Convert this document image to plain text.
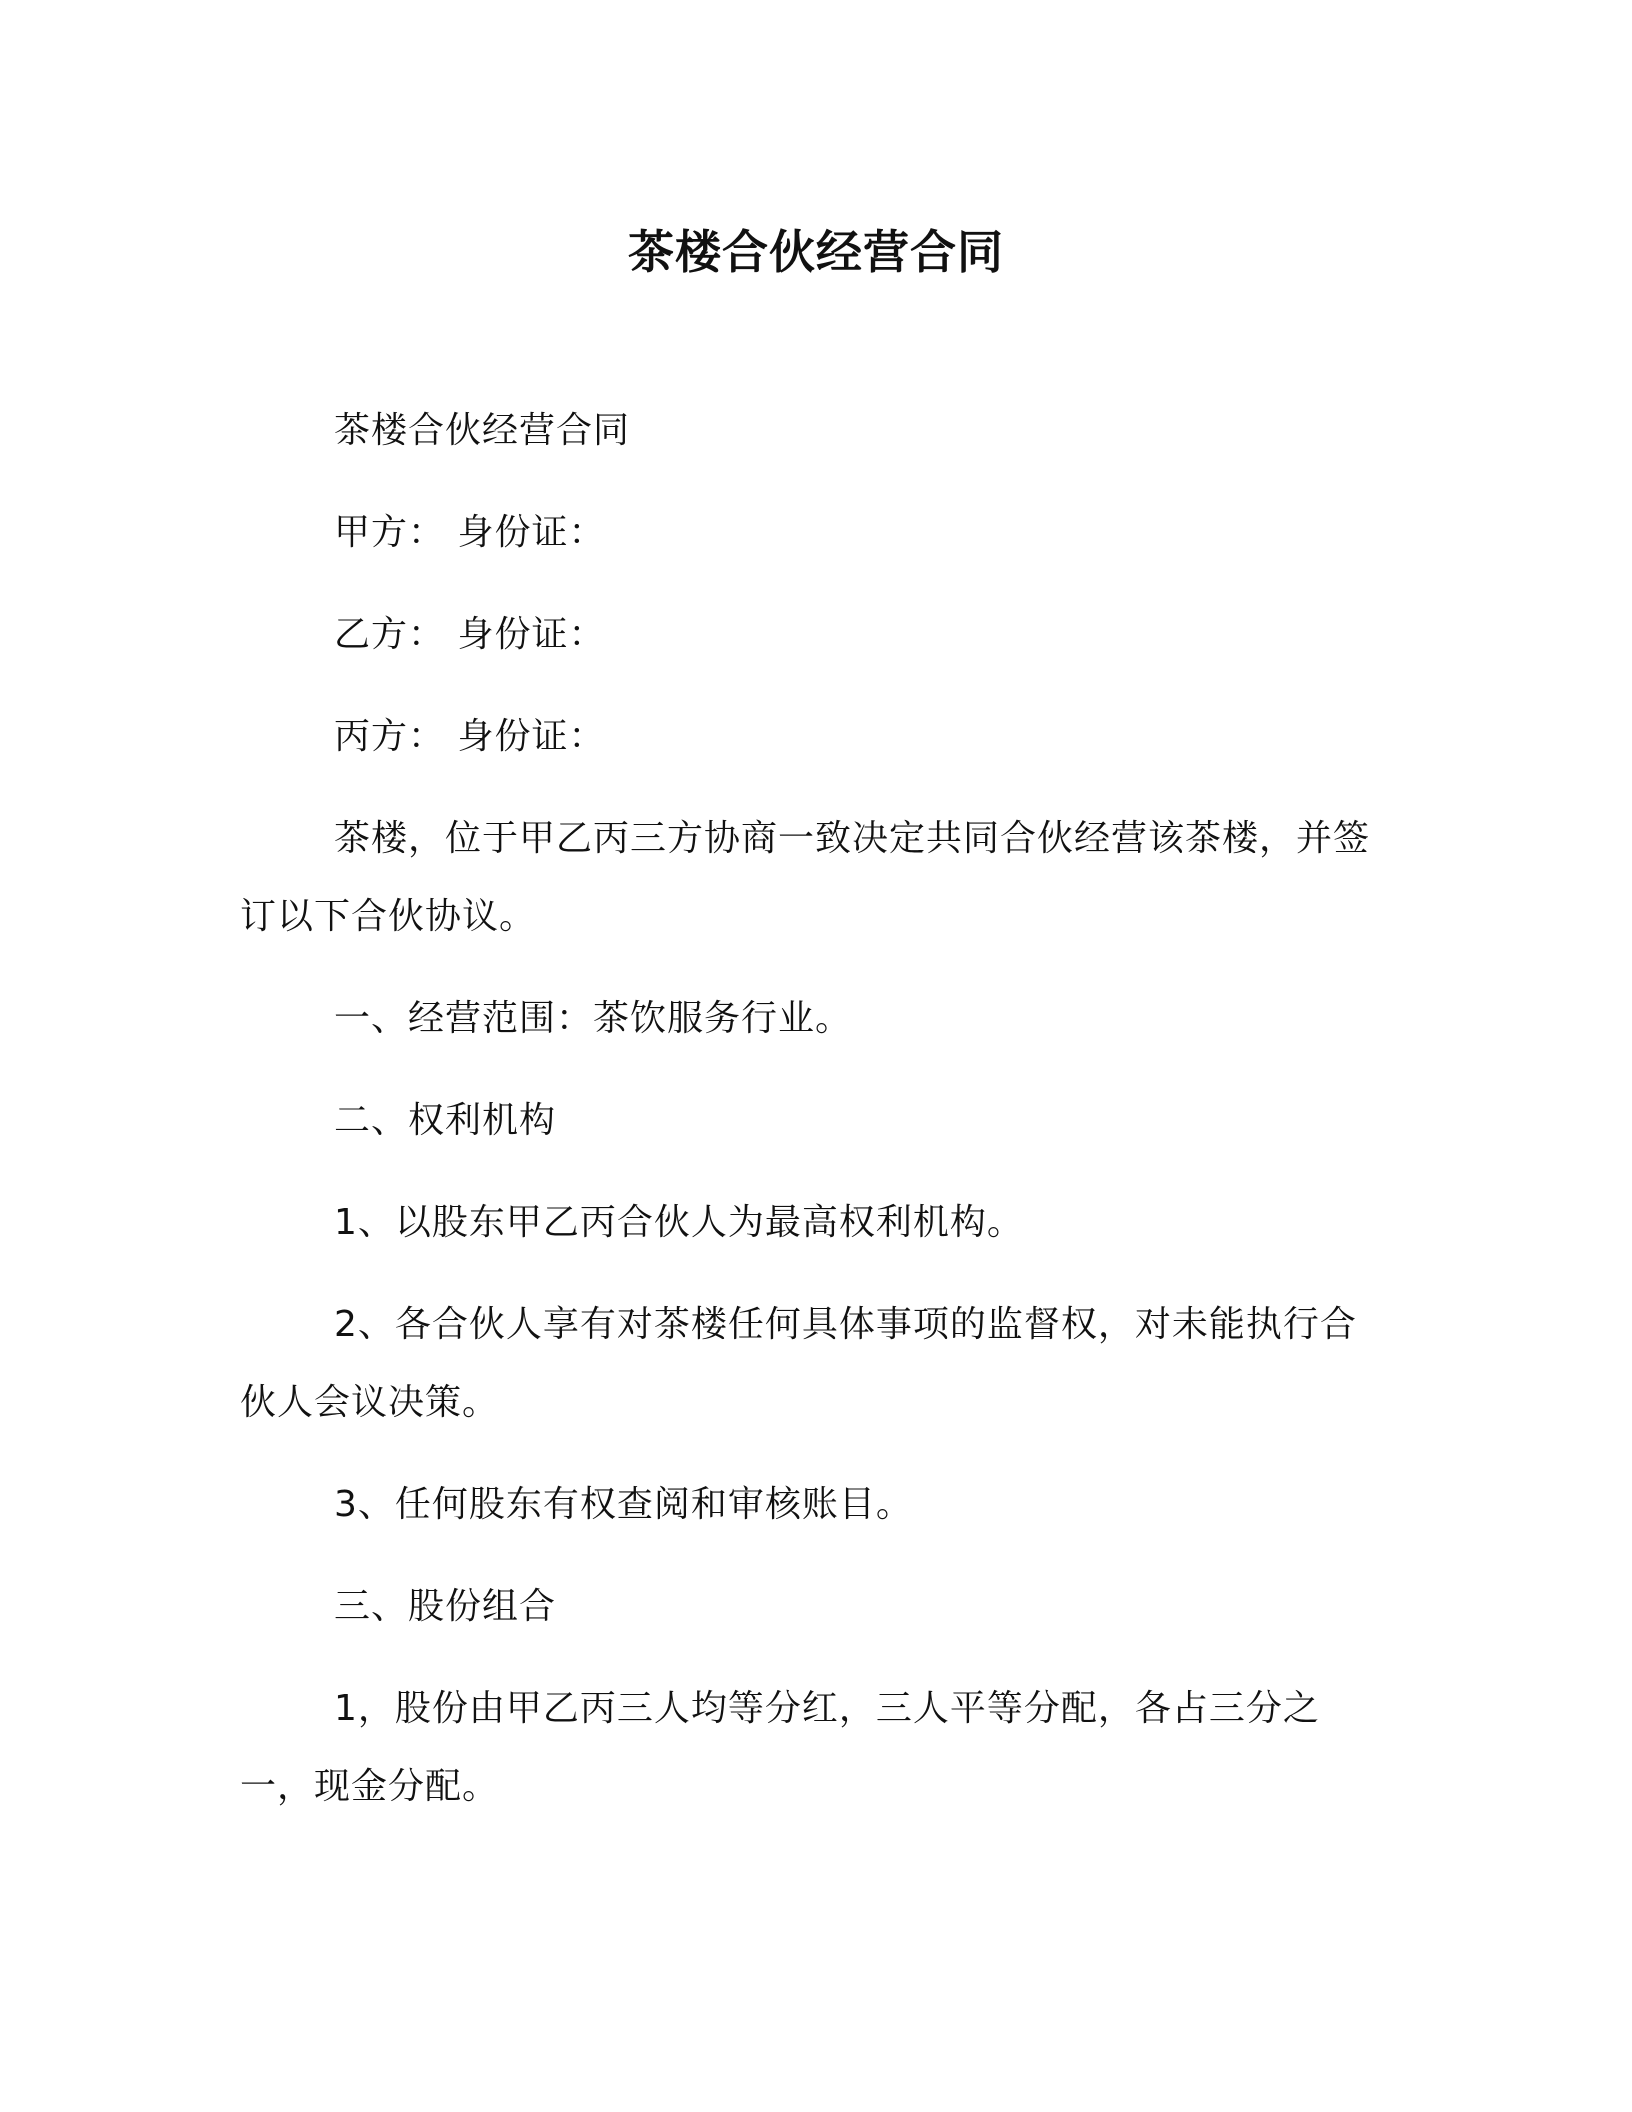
茶楼合伙经营合同

茶楼合伙经营合同

甲方： 身份证：

乙方： 身份证：

丙方： 身份证：

茶楼，位于甲乙丙三方协商一致决定共同合伙经营该茶楼，并签订以下合伙协议。

一、经营范围：茶饮服务行业。

二、权利机构

1、以股东甲乙丙合伙人为最高权利机构。

2、各合伙人享有对茶楼任何具体事项的监督权，对未能执行合伙人会议决策。

3、任何股东有权查阅和审核账目。

三、股份组合

1，股份由甲乙丙三人均等分红，三人平等分配，各占三分之一，现金分配。
